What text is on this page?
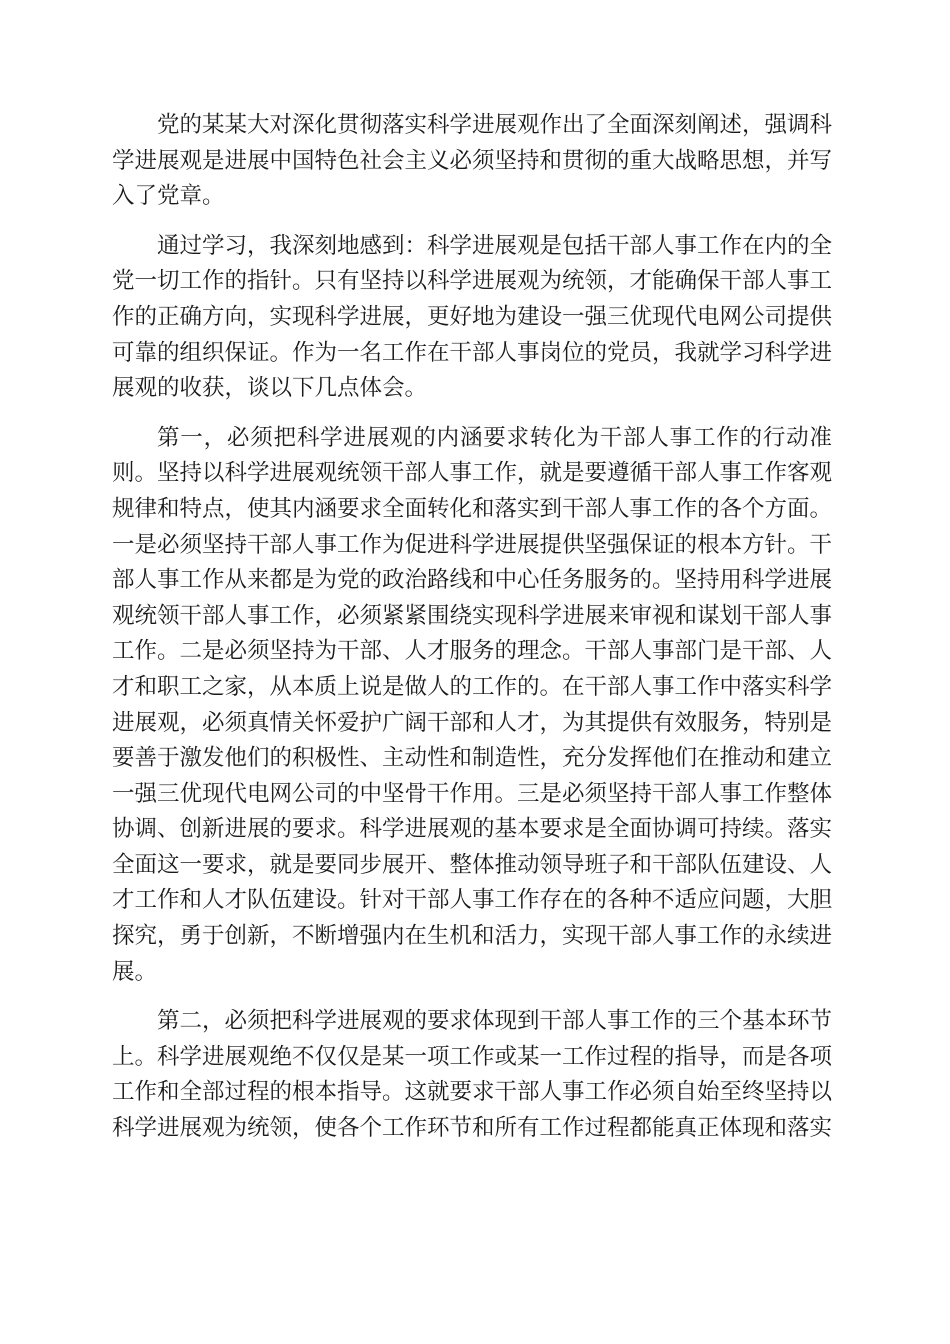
党的某某大对深化贯彻落实科学进展观作出了全面深刻阐述，强调科学进展观是进展中国特色社会主义必须坚持和贯彻的重大战略思想，并写入了党章。

通过学习，我深刻地感到：科学进展观是包括干部人事工作在内的全党一切工作的指针。只有坚持以科学进展观为统领，才能确保干部人事工作的正确方向，实现科学进展，更好地为建设一强三优现代电网公司提供可靠的组织保证。作为一名工作在干部人事岗位的党员，我就学习科学进展观的收获，谈以下几点体会。

第一，必须把科学进展观的内涵要求转化为干部人事工作的行动准则。坚持以科学进展观统领干部人事工作，就是要遵循干部人事工作客观规律和特点，使其内涵要求全面转化和落实到干部人事工作的各个方面。一是必须坚持干部人事工作为促进科学进展提供坚强保证的根本方针。干部人事工作从来都是为党的政治路线和中心任务服务的。坚持用科学进展观统领干部人事工作，必须紧紧围绕实现科学进展来审视和谋划干部人事工作。二是必须坚持为干部、人才服务的理念。干部人事部门是干部、人才和职工之家，从本质上说是做人的工作的。在干部人事工作中落实科学进展观，必须真情关怀爱护广阔干部和人才，为其提供有效服务，特别是要善于激发他们的积极性、主动性和制造性，充分发挥他们在推动和建立一强三优现代电网公司的中坚骨干作用。三是必须坚持干部人事工作整体协调、创新进展的要求。科学进展观的基本要求是全面协调可持续。落实全面这一要求，就是要同步展开、整体推动领导班子和干部队伍建设、人才工作和人才队伍建设。针对干部人事工作存在的各种不适应问题，大胆探究，勇于创新，不断增强内在生机和活力，实现干部人事工作的永续进展。

第二，必须把科学进展观的要求体现到干部人事工作的三个基本环节上。科学进展观绝不仅仅是某一项工作或某一工作过程的指导，而是各项工作和全部过程的根本指导。这就要求干部人事工作必须自始至终坚持以科学进展观为统领，使各个工作环节和所有工作过程都能真正体现和落实
